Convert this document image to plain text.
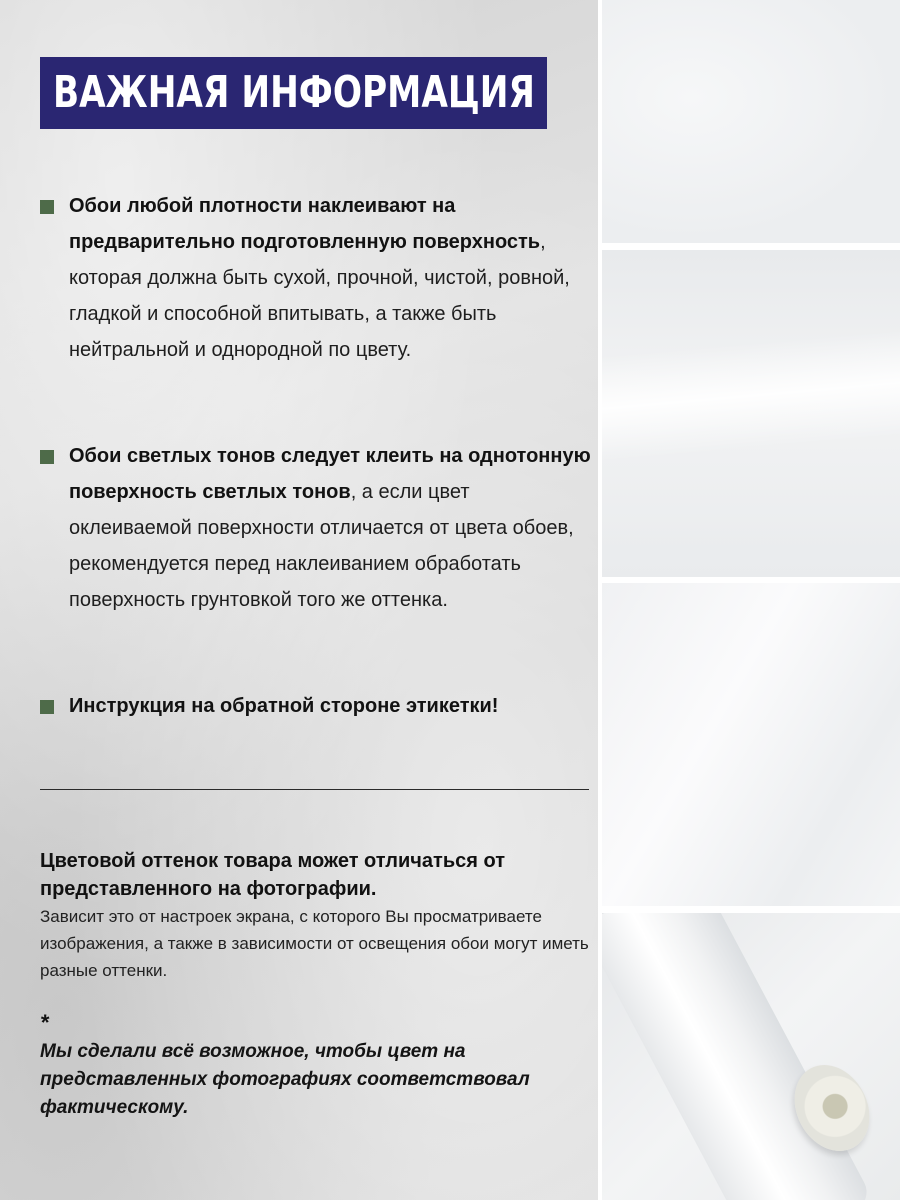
ВАЖНАЯ ИНФОРМАЦИЯ

Обои любой плотности наклеивают на предварительно подготовленную поверхность, которая должна быть сухой, прочной, чистой, ровной, гладкой и способной впитывать, а также быть нейтральной и однородной по цвету.

Обои светлых тонов следует клеить на однотонную поверхность светлых тонов, а если цвет оклеиваемой поверхности отличается от цвета обоев, рекомендуется перед наклеиванием обработать поверхность грунтовкой того же оттенка.

Инструкция на обратной стороне этикетки!

Цветовой оттенок товара может отличаться от представленного на фотографии.

Зависит это от настроек экрана, с которого Вы просматриваете изображения, а также в зависимости от освещения обои могут иметь разные оттенки.

*

Мы сделали всё возможное, чтобы цвет на представленных фотографиях соответствовал фактическому.
